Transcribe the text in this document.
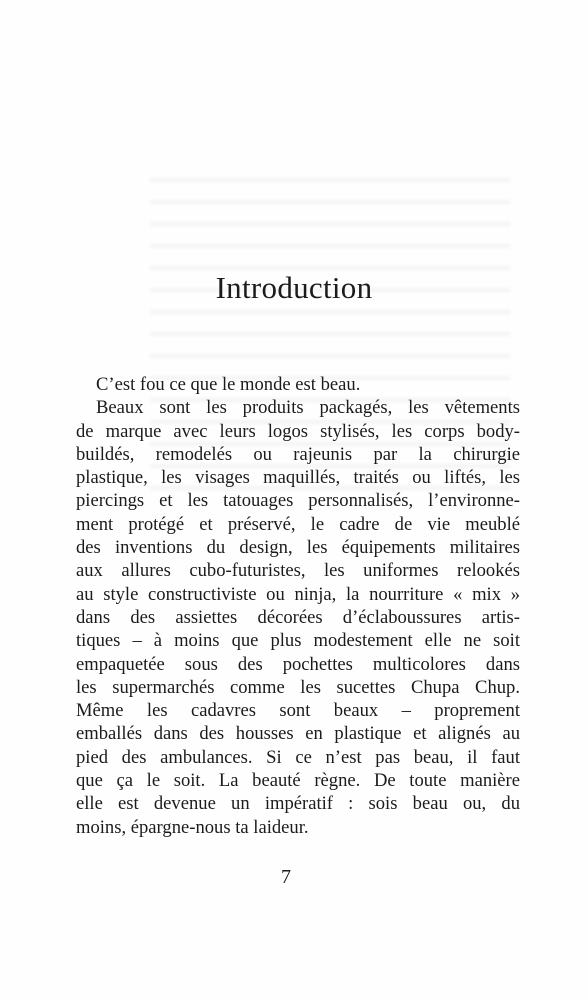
Introduction
C’est fou ce que le monde est beau.
Beaux sont les produits packagés, les vêtements
de marque avec leurs logos stylisés, les corps body-
buildés, remodelés ou rajeunis par la chirurgie
plastique, les visages maquillés, traités ou liftés, les
piercings et les tatouages personnalisés, l’environne-
ment protégé et préservé, le cadre de vie meublé
des inventions du design, les équipements militaires
aux allures cubo-futuristes, les uniformes relookés
au style constructiviste ou ninja, la nourriture « mix »
dans des assiettes décorées d’éclaboussures artis-
tiques – à moins que plus modestement elle ne soit
empaquetée sous des pochettes multicolores dans
les supermarchés comme les sucettes Chupa Chup.
Même les cadavres sont beaux – proprement
emballés dans des housses en plastique et alignés au
pied des ambulances. Si ce n’est pas beau, il faut
que ça le soit. La beauté règne. De toute manière
elle est devenue un impératif : sois beau ou, du
moins, épargne-nous ta laideur.
7
